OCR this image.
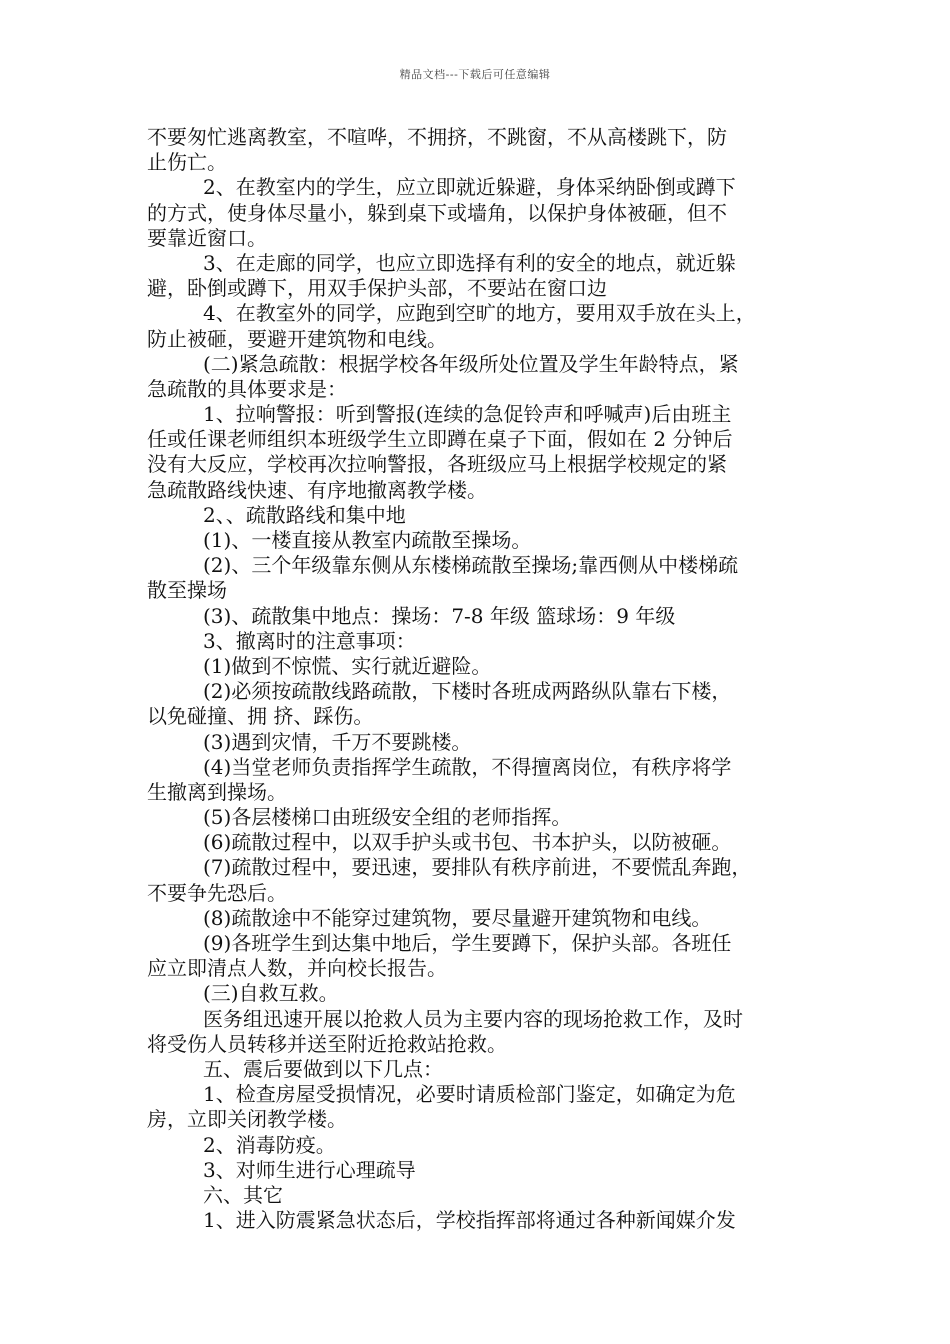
精品文档---下载后可任意编辑
不要匆忙逃离教室，不喧哗，不拥挤，不跳窗，不从高楼跳下，防
止伤亡。
2、在教室内的学生，应立即就近躲避，身体采纳卧倒或蹲下
的方式，使身体尽量小，躲到桌下或墙角，以保护身体被砸，但不
要靠近窗口。
3、在走廊的同学，也应立即选择有利的安全的地点，就近躲
避，卧倒或蹲下，用双手保护头部，不要站在窗口边
4、在教室外的同学，应跑到空旷的地方，要用双手放在头上，
防止被砸，要避开建筑物和电线。
(二)紧急疏散：根据学校各年级所处位置及学生年龄特点，紧
急疏散的具体要求是：
1、拉响警报：听到警报(连续的急促铃声和呼喊声)后由班主
任或任课老师组织本班级学生立即蹲在桌子下面，假如在 2 分钟后
没有大反应，学校再次拉响警报，各班级应马上根据学校规定的紧
急疏散路线快速、有序地撤离教学楼。
2、、疏散路线和集中地
(1)、一楼直接从教室内疏散至操场。
(2)、三个年级靠东侧从东楼梯疏散至操场;靠西侧从中楼梯疏
散至操场
(3)、疏散集中地点：操场：7-8 年级 篮球场：9 年级
3、撤离时的注意事项：
(1)做到不惊慌、实行就近避险。
(2)必须按疏散线路疏散，下楼时各班成两路纵队靠右下楼，
以免碰撞、拥 挤、踩伤。
(3)遇到灾情，千万不要跳楼。
(4)当堂老师负责指挥学生疏散，不得擅离岗位，有秩序将学
生撤离到操场。
(5)各层楼梯口由班级安全组的老师指挥。
(6)疏散过程中，以双手护头或书包、书本护头，以防被砸。
(7)疏散过程中，要迅速，要排队有秩序前进，不要慌乱奔跑，
不要争先恐后。
(8)疏散途中不能穿过建筑物，要尽量避开建筑物和电线。
(9)各班学生到达集中地后，学生要蹲下，保护头部。各班任
应立即清点人数，并向校长报告。
(三)自救互救。
医务组迅速开展以抢救人员为主要内容的现场抢救工作，及时
将受伤人员转移并送至附近抢救站抢救。
五、震后要做到以下几点：
1、检查房屋受损情况，必要时请质检部门鉴定，如确定为危
房，立即关闭教学楼。
2、消毒防疫。
3、对师生进行心理疏导
六、其它
1、进入防震紧急状态后，学校指挥部将通过各种新闻媒介发
